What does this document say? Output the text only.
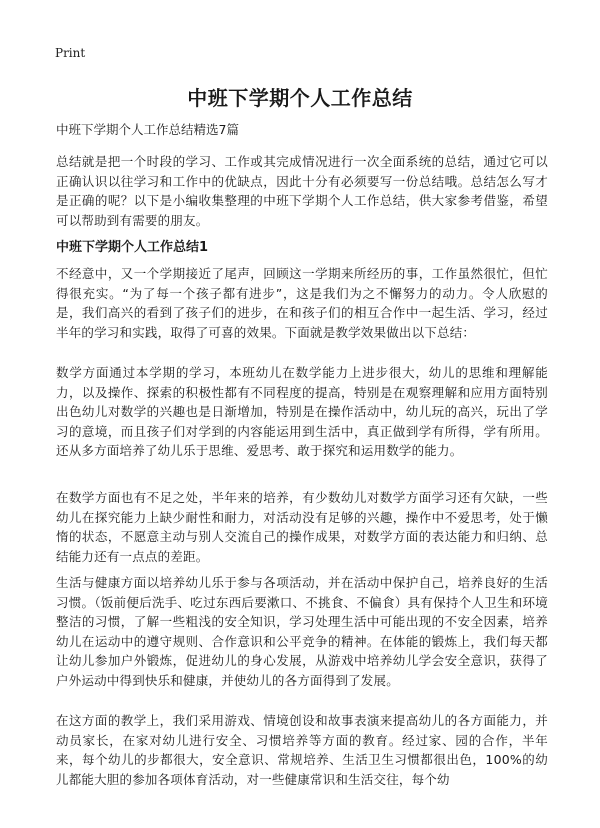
Print
中班下学期个人工作总结
中班下学期个人工作总结精选7篇

总结就是把一个时段的学习、工作或其完成情况进行一次全面系统的总结，通过它可以正确认识以往学习和工作中的优缺点，因此十分有必须要写一份总结哦。总结怎么写才是正确的呢？以下是小编收集整理的中班下学期个人工作总结，供大家参考借鉴，希望可以帮助到有需要的朋友。

中班下学期个人工作总结1

不经意中，又一个学期接近了尾声，回顾这一学期来所经历的事，工作虽然很忙，但忙得很充实。“为了每一个孩子都有进步”，这是我们为之不懈努力的动力。令人欣慰的是，我们高兴的看到了孩子们的进步，在和孩子们的相互合作中一起生活、学习，经过半年的学习和实践，取得了可喜的效果。下面就是教学效果做出以下总结：

数学方面通过本学期的学习，本班幼儿在数学能力上进步很大，幼儿的思维和理解能力，以及操作、探索的积极性都有不同程度的提高，特别是在观察理解和应用方面特别出色幼儿对数学的兴趣也是日渐增加，特别是在操作活动中，幼儿玩的高兴，玩出了学习的意境，而且孩子们对学到的内容能运用到生活中，真正做到学有所得，学有所用。还从多方面培养了幼儿乐于思维、爱思考、敢于探究和运用数学的能力。

在数学方面也有不足之处，半年来的培养，有少数幼儿对数学方面学习还有欠缺，一些幼儿在探究能力上缺少耐性和耐力，对活动没有足够的兴趣，操作中不爱思考，处于懒惰的状态，不愿意主动与别人交流自己的操作成果，对数学方面的表达能力和归纳、总结能力还有一点点的差距。

生活与健康方面以培养幼儿乐于参与各项活动，并在活动中保护自己，培养良好的生活习惯。（饭前便后洗手、吃过东西后要漱口、不挑食、不偏食）具有保持个人卫生和环境整洁的习惯，了解一些粗浅的安全知识，学习处理生活中可能出现的不安全因素，培养幼儿在运动中的遵守规则、合作意识和公平竞争的精神。在体能的锻炼上，我们每天都让幼儿参加户外锻炼，促进幼儿的身心发展，从游戏中培养幼儿学会安全意识，获得了户外运动中得到快乐和健康，并使幼儿的各方面得到了发展。

在这方面的教学上，我们采用游戏、情境创设和故事表演来提高幼儿的各方面能力，并动员家长，在家对幼儿进行安全、习惯培养等方面的教育。经过家、园的合作，半年来，每个幼儿的步都很大，安全意识、常规培养、生活卫生习惯都很出色，100%的幼儿都能大胆的参加各项体育活动，对一些健康常识和生活交往，每个幼
